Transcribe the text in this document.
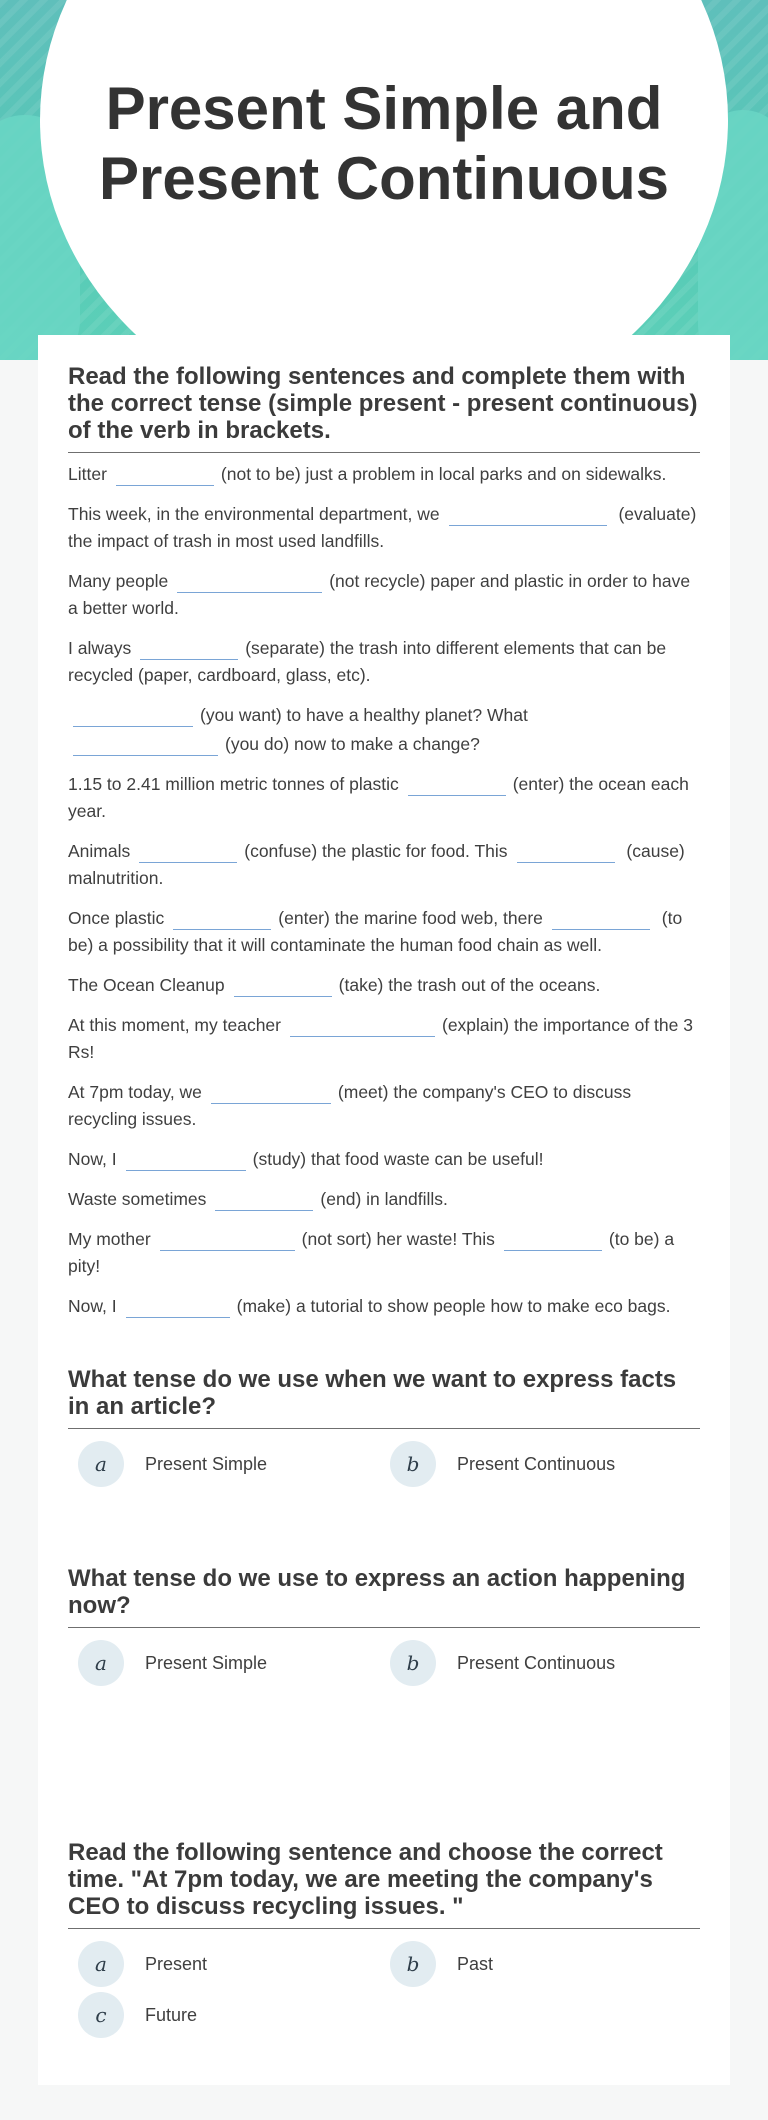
Present Simple and Present Continuous
Read the following sentences and complete them with the correct tense (simple present - present continuous) of the verb in brackets.

Litter	(not to be) just a problem in local parks and on sidewalks.

This week, in the environmental department, we	(evaluate) the impact of trash in most used landfills.

Many people	(not recycle) paper and plastic in order to have a better world.

I always	(separate) the trash into different elements that can be recycled (paper, cardboard, glass, etc).

(you want) to have a healthy planet? What
(you do) now to make a change?

1.15 to 2.41 million metric tonnes of plastic	(enter) the ocean each year.

Animals	(confuse) the plastic for food. This	(cause) malnutrition.

Once plastic	(enter) the marine food web, there	(to be) a possibility that it will contaminate the human food chain as well.

The Ocean Cleanup	(take) the trash out of the oceans.

At this moment, my teacher	(explain) the importance of the 3 Rs!

At 7pm today, we	(meet) the company's CEO to discuss recycling issues.

Now, I	(study) that food waste can be useful!

Waste sometimes	(end) in landfills.

My mother	(not sort) her waste! This	(to be) a pity!

Now, I	(make) a tutorial to show people how to make eco bags.

What tense do we use when we want to express facts in an article?
a	Present Simple	b	Present Continuous
What tense do we use to express an action happening now?
a	Present Simple	b	Present Continuous
Read the following sentence and choose the correct time. "At 7pm today, we are meeting the company's CEO to discuss recycling issues. "
a	Present	b	Past
c	Future
